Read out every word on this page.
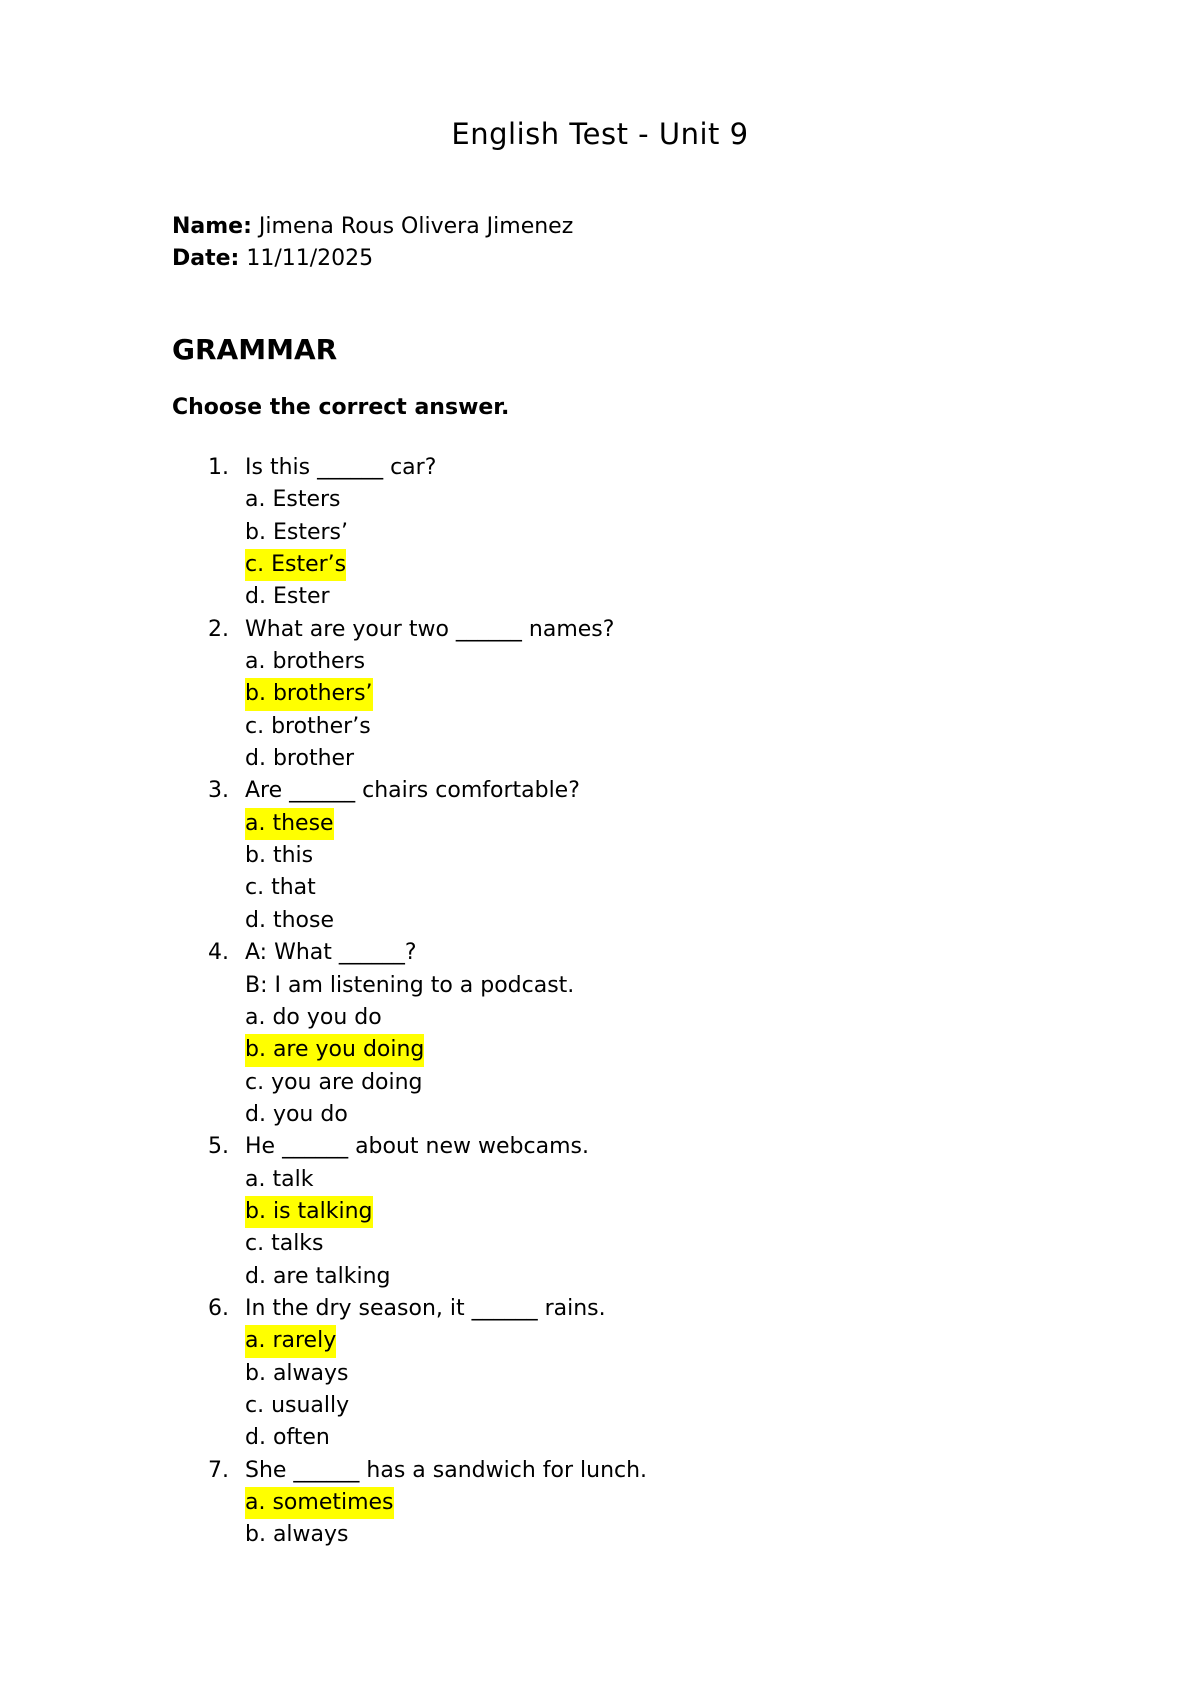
English Test - Unit 9
Name: Jimena Rous Olivera Jimenez
Date: 11/11/2025
GRAMMAR

Choose the correct answer.

1. Is this ______ car?
a. Esters
b. Esters’
c. Ester’s
d. Ester
2. What are your two ______ names?
a. brothers
b. brothers’
c. brother’s
d. brother
3. Are ______ chairs comfortable?
a. these
b. this
c. that
d. those
4. A: What ______?
B: I am listening to a podcast.
a. do you do
b. are you doing
c. you are doing
d. you do
5. He ______ about new webcams.
a. talk
b. is talking
c. talks
d. are talking
6. In the dry season, it ______ rains.
a. rarely
b. always
c. usually
d. often
7. She ______ has a sandwich for lunch.
a. sometimes
b. always
